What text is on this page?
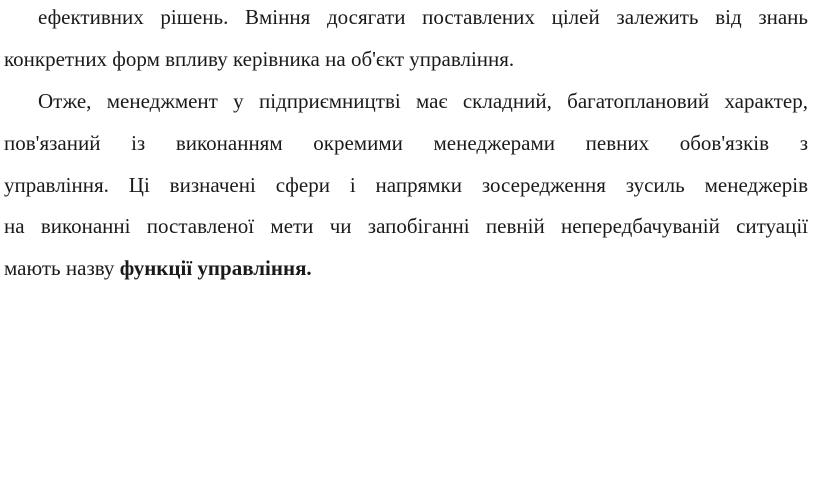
ефективних рішень. Вміння досягати поставлених цілей залежить від знань
конкретних форм впливу керівника на об'єкт управління.
Отже, менеджмент у підприємництві має складний, багатоплановий характер,
пов'язаний із виконанням окремими менеджерами певних обов'язків з
управління. Ці визначені сфери і напрямки зосередження зусиль менеджерів
на виконанні поставленої мети чи запобіганні певній непередбачуваній ситуації
мають назву функції управління.
